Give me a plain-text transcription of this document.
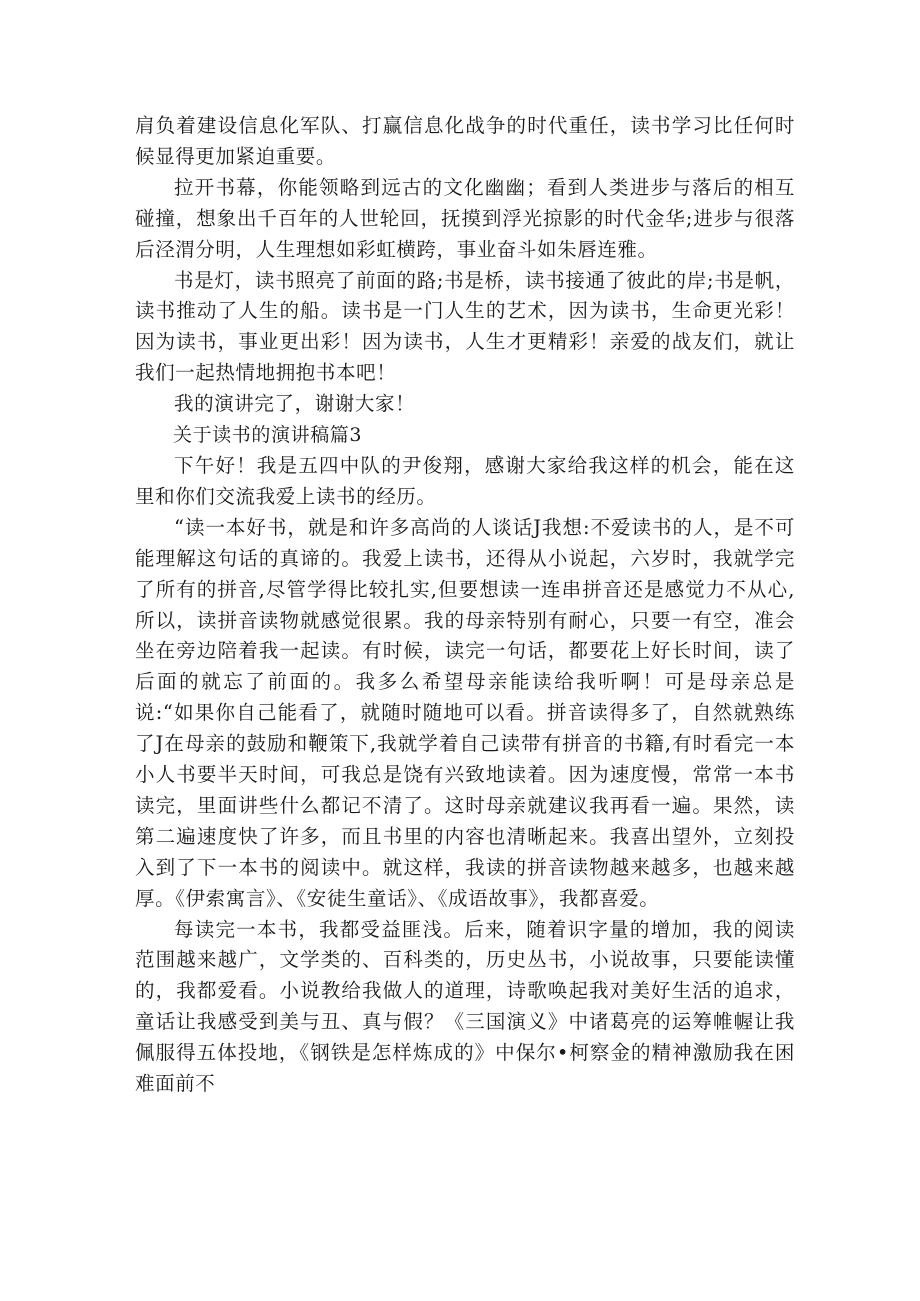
肩负着建设信息化军队、打赢信息化战争的时代重任，读书学习比任何时候显得更加紧迫重要。

拉开书幕，你能领略到远古的文化幽幽；看到人类进步与落后的相互碰撞，想象出千百年的人世轮回，抚摸到浮光掠影的时代金华;进步与很落后泾渭分明，人生理想如彩虹横跨，事业奋斗如朱唇连雅。

书是灯，读书照亮了前面的路;书是桥，读书接通了彼此的岸;书是帆，读书推动了人生的船。读书是一门人生的艺术，因为读书，生命更光彩！因为读书，事业更出彩！因为读书，人生才更精彩！亲爱的战友们，就让我们一起热情地拥抱书本吧！

我的演讲完了，谢谢大家！

关于读书的演讲稿篇3

下午好！我是五四中队的尹俊翔，感谢大家给我这样的机会，能在这里和你们交流我爱上读书的经历。

“读一本好书，就是和许多高尚的人谈话J我想:不爱读书的人，是不可能理解这句话的真谛的。我爱上读书，还得从小说起，六岁时，我就学完了所有的拼音,尽管学得比较扎实,但要想读一连串拼音还是感觉力不从心,所以，读拼音读物就感觉很累。我的母亲特别有耐心，只要一有空，准会坐在旁边陪着我一起读。有时候，读完一句话，都要花上好长时间，读了后面的就忘了前面的。我多么希望母亲能读给我听啊！可是母亲总是说:“如果你自己能看了，就随时随地可以看。拼音读得多了，自然就熟练了J在母亲的鼓励和鞭策下,我就学着自己读带有拼音的书籍,有时看完一本小人书要半天时间，可我总是饶有兴致地读着。因为速度慢，常常一本书读完，里面讲些什么都记不清了。这时母亲就建议我再看一遍。果然，读第二遍速度快了许多，而且书里的内容也清晰起来。我喜出望外，立刻投入到了下一本书的阅读中。就这样，我读的拼音读物越来越多，也越来越厚。《伊索寓言》、《安徒生童话》、《成语故事》，我都喜爱。

每读完一本书，我都受益匪浅。后来，随着识字量的增加，我的阅读范围越来越广，文学类的、百科类的，历史丛书，小说故事，只要能读懂的，我都爱看。小说教给我做人的道理，诗歌唤起我对美好生活的追求，童话让我感受到美与丑、真与假？《三国演义》中诸葛亮的运筹帷幄让我佩服得五体投地，《钢铁是怎样炼成的》中保尔•柯察金的精神激励我在困难面前不
